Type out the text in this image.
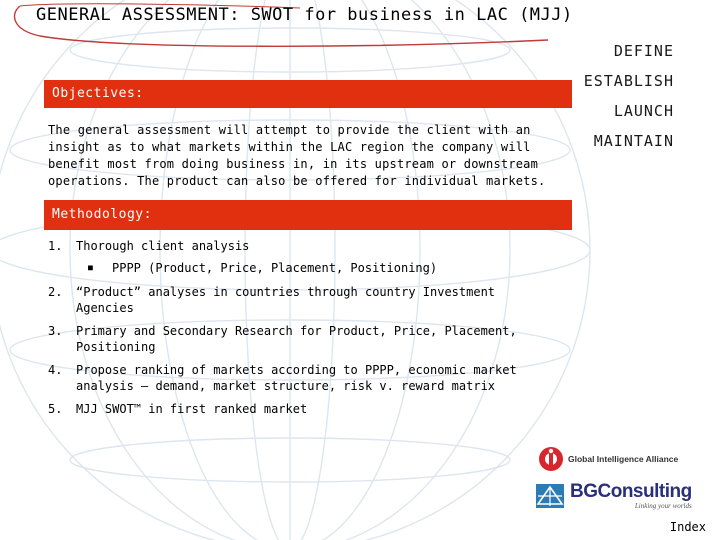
GENERAL ASSESSMENT: SWOT for business in LAC (MJJ)
DEFINE
ESTABLISH
LAUNCH
MAINTAIN
Objectives:
The general assessment will attempt to provide the client with an insight as to what markets within the LAC region the company will benefit most from doing business in, in its upstream or downstream operations. The product can also be offered for individual markets.
Methodology:
1.	Thorough client analysis
■	PPPP (Product, Price, Placement, Positioning)
2.	“Product” analyses in countries through country Investment Agencies
3.	Primary and Secondary Research for Product, Price, Placement, Positioning
4.	Propose ranking of markets according to PPPP, economic market analysis – demand, market structure, risk v. reward matrix
5.	MJJ SWOT™ in first ranked market
Global Intelligence Alliance
BGConsulting
Linking your worlds
Index
